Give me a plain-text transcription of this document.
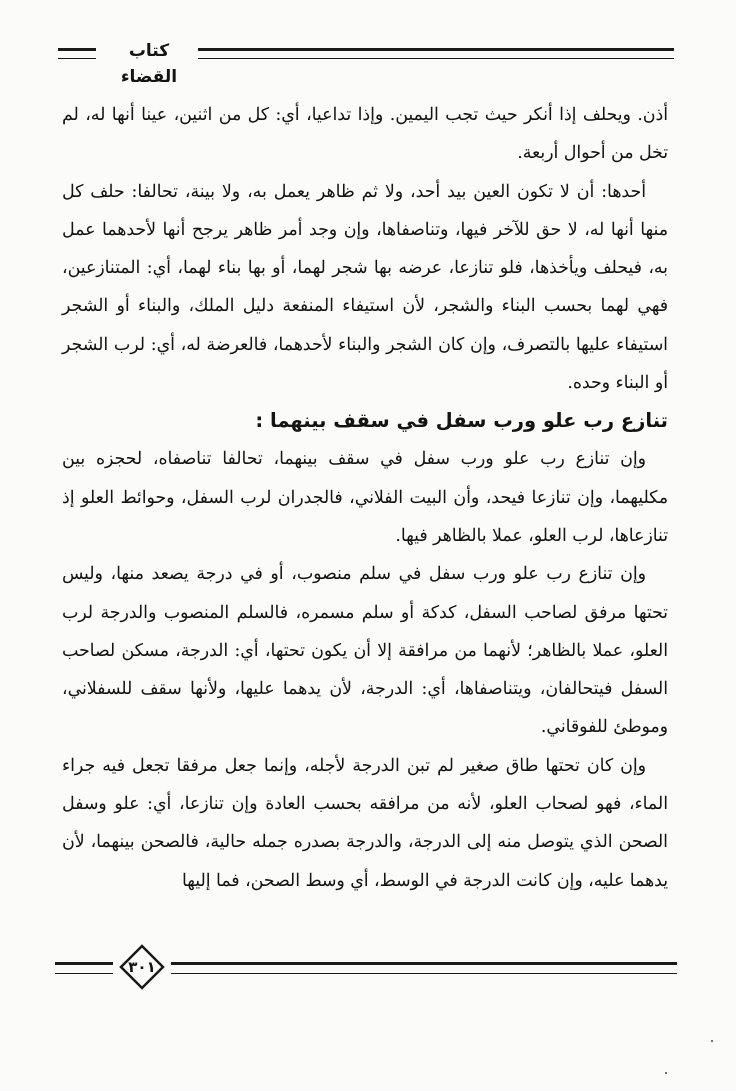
كتاب القضاء

أذن. ويحلف إذا أنكر حيث تجب اليمين. وإذا تداعيا، أي: كل من اثنين، عينا أنها له، لم تخل من أحوال أربعة.

أحدها: أن لا تكون العين بيد أحد، ولا ثم ظاهر يعمل به، ولا بينة، تحالفا: حلف كل منها أنها له، لا حق للآخر فيها، وتناصفاها، وإن وجد أمر ظاهر يرجح أنها لأحدهما عمل به، فيحلف ويأخذها، فلو تنازعا، عرضه بها شجر لهما، أو بها بناء لهما، أي: المتنازعين، فهي لهما بحسب البناء والشجر، لأن استيفاء المنفعة دليل الملك، والبناء أو الشجر استيفاء عليها بالتصرف، وإن كان الشجر والبناء لأحدهما، فالعرضة له، أي: لرب الشجر أو البناء وحده.

تنازع رب علو ورب سفل في سقف بينهما :

وإن تنازع رب علو ورب سفل في سقف بينهما، تحالفا تناصفاه، لحجزه بين مكليهما، وإن تنازعا فيحد، وأن البيت الفلاني، فالجدران لرب السفل، وحوائط العلو إذ تنازعاها، لرب العلو، عملا بالظاهر فيها.

وإن تنازع رب علو ورب سفل في سلم منصوب، أو في درجة يصعد منها، وليس تحتها مرفق لصاحب السفل، كدكة أو سلم مسمره، فالسلم المنصوب والدرجة لرب العلو، عملا بالظاهر؛ لأنهما من مرافقة إلا أن يكون تحتها، أي: الدرجة، مسكن لصاحب السفل فيتحالفان، ويتناصفاها، أي: الدرجة، لأن يدهما عليها، ولأنها سقف للسفلاني، وموطئ للفوقاني.

وإن كان تحتها طاق صغير لم تبن الدرجة لأجله، وإنما جعل مرفقا تجعل فيه جراء الماء، فهو لصحاب العلو، لأنه من مرافقه بحسب العادة وإن تنازعا، أي: علو وسفل الصحن الذي يتوصل منه إلى الدرجة، والدرجة بصدره جمله حالية، فالصحن بينهما، لأن يدهما عليه، وإن كانت الدرجة في الوسط، أي وسط الصحن، فما إليها

٣٠١
